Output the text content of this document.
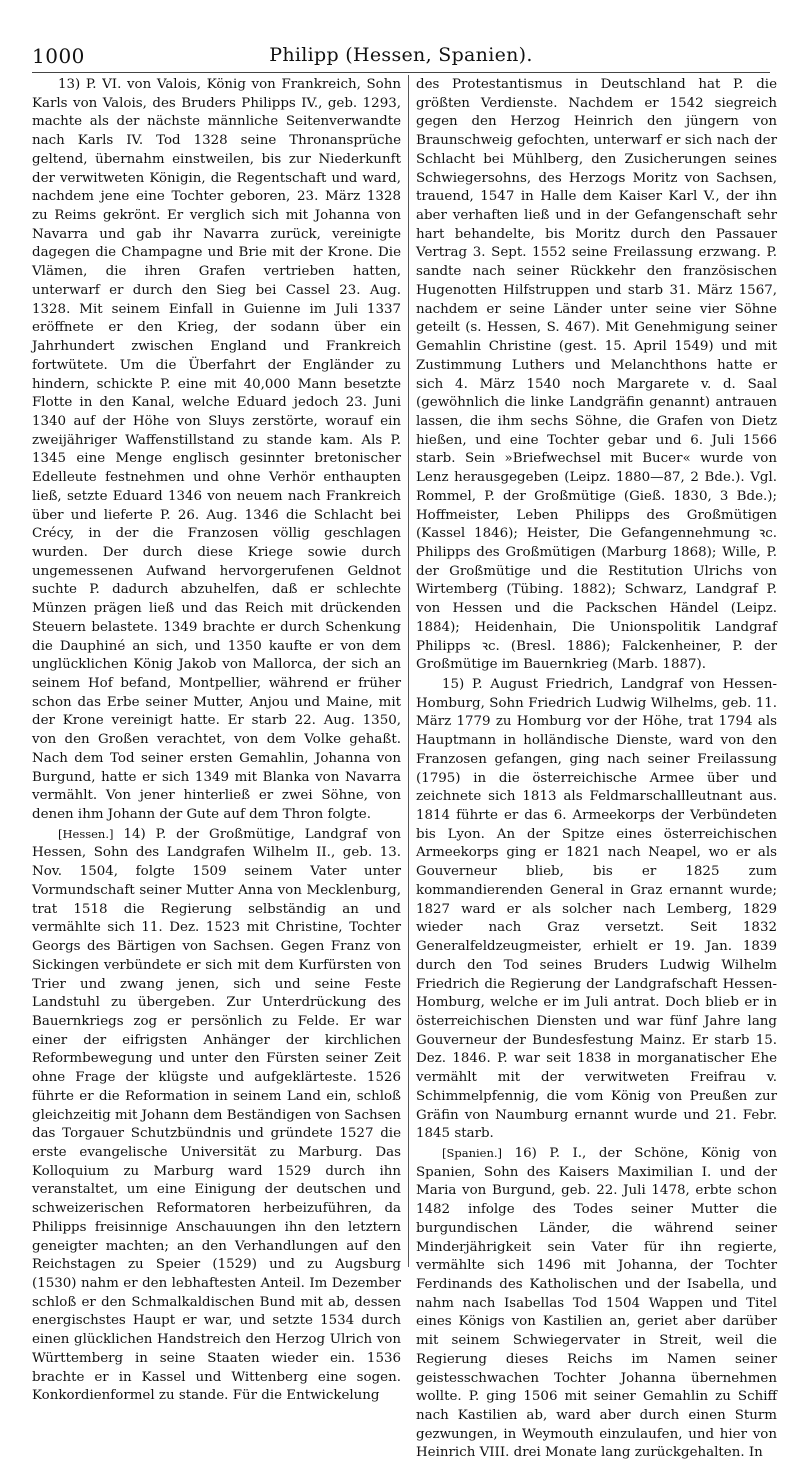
1000	Philipp (Hessen, Spanien).

13) P. VI. von Valois, König von Frankreich, Sohn Karls von Valois, des Bruders Philipps IV., geb. 1293, machte als der nächste männliche Seitenverwandte nach Karls IV. Tod 1328 seine Thronansprüche geltend, übernahm einstweilen, bis zur Niederkunft der verwitweten Königin, die Regentschaft und ward, nachdem jene eine Tochter geboren, 23. März 1328 zu Reims gekrönt. Er verglich sich mit Johanna von Navarra und gab ihr Navarra zurück, vereinigte dagegen die Champagne und Brie mit der Krone. Die Vlämen, die ihren Grafen vertrieben hatten, unterwarf er durch den Sieg bei Cassel 23. Aug. 1328. Mit seinem Einfall in Guienne im Juli 1337 eröffnete er den Krieg, der sodann über ein Jahrhundert zwischen England und Frankreich fortwütete. Um die Überfahrt der Engländer zu hindern, schickte P. eine mit 40,000 Mann besetzte Flotte in den Kanal, welche Eduard jedoch 23. Juni 1340 auf der Höhe von Sluys zerstörte, worauf ein zweijähriger Waffenstillstand zu stande kam. Als P. 1345 eine Menge englisch gesinnter bretonischer Edelleute festnehmen und ohne Verhör enthaupten ließ, setzte Eduard 1346 von neuem nach Frankreich über und lieferte P. 26. Aug. 1346 die Schlacht bei Crécy, in der die Franzosen völlig geschlagen wurden. Der durch diese Kriege sowie durch ungemessenen Aufwand hervorgerufenen Geldnot suchte P. dadurch abzuhelfen, daß er schlechte Münzen prägen ließ und das Reich mit drückenden Steuern belastete. 1349 brachte er durch Schenkung die Dauphiné an sich, und 1350 kaufte er von dem unglücklichen König Jakob von Mallorca, der sich an seinem Hof befand, Montpellier, während er früher schon das Erbe seiner Mutter, Anjou und Maine, mit der Krone vereinigt hatte. Er starb 22. Aug. 1350, von den Großen verachtet, von dem Volke gehaßt. Nach dem Tod seiner ersten Gemahlin, Johanna von Burgund, hatte er sich 1349 mit Blanka von Navarra vermählt. Von jener hinterließ er zwei Söhne, von denen ihm Johann der Gute auf dem Thron folgte.

[Hessen.] 14) P. der Großmütige, Landgraf von Hessen, Sohn des Landgrafen Wilhelm II., geb. 13. Nov. 1504, folgte 1509 seinem Vater unter Vormundschaft seiner Mutter Anna von Mecklenburg, trat 1518 die Regierung selbständig an und vermählte sich 11. Dez. 1523 mit Christine, Tochter Georgs des Bärtigen von Sachsen. Gegen Franz von Sickingen verbündete er sich mit dem Kurfürsten von Trier und zwang jenen, sich und seine Feste Landstuhl zu übergeben. Zur Unterdrückung des Bauernkriegs zog er persönlich zu Felde. Er war einer der eifrigsten Anhänger der kirchlichen Reformbewegung und unter den Fürsten seiner Zeit ohne Frage der klügste und aufgeklärteste. 1526 führte er die Reformation in seinem Land ein, schloß gleichzeitig mit Johann dem Beständigen von Sachsen das Torgauer Schutzbündnis und gründete 1527 die erste evangelische Universität zu Marburg. Das Kolloquium zu Marburg ward 1529 durch ihn veranstaltet, um eine Einigung der deutschen und schweizerischen Reformatoren herbeizuführen, da Philipps freisinnige Anschauungen ihn den letztern geneigter machten; an den Verhandlungen auf den Reichstagen zu Speier (1529) und zu Augsburg (1530) nahm er den lebhaftesten Anteil. Im Dezember schloß er den Schmalkaldischen Bund mit ab, dessen energischstes Haupt er war, und setzte 1534 durch einen glücklichen Handstreich den Herzog Ulrich von Württemberg in seine Staaten wieder ein. 1536 brachte er in Kassel und Wittenberg eine sogen. Konkordienformel zu stande. Für die Entwickelung

des Protestantismus in Deutschland hat P. die größten Verdienste. Nachdem er 1542 siegreich gegen den Herzog Heinrich den jüngern von Braunschweig gefochten, unterwarf er sich nach der Schlacht bei Mühlberg, den Zusicherungen seines Schwiegersohns, des Herzogs Moritz von Sachsen, trauend, 1547 in Halle dem Kaiser Karl V., der ihn aber verhaften ließ und in der Gefangenschaft sehr hart behandelte, bis Moritz durch den Passauer Vertrag 3. Sept. 1552 seine Freilassung erzwang. P. sandte nach seiner Rückkehr den französischen Hugenotten Hilfstruppen und starb 31. März 1567, nachdem er seine Länder unter seine vier Söhne geteilt (s. Hessen, S. 467). Mit Genehmigung seiner Gemahlin Christine (gest. 15. April 1549) und mit Zustimmung Luthers und Melanchthons hatte er sich 4. März 1540 noch Margarete v. d. Saal (gewöhnlich die linke Landgräfin genannt) antrauen lassen, die ihm sechs Söhne, die Grafen von Dietz hießen, und eine Tochter gebar und 6. Juli 1566 starb. Sein »Briefwechsel mit Bucer« wurde von Lenz herausgegeben (Leipz. 1880—87, 2 Bde.). Vgl. Rommel, P. der Großmütige (Gieß. 1830, 3 Bde.); Hoffmeister, Leben Philipps des Großmütigen (Kassel 1846); Heister, Die Gefangennehmung ꝛc. Philipps des Großmütigen (Marburg 1868); Wille, P. der Großmütige und die Restitution Ulrichs von Wirtemberg (Tübing. 1882); Schwarz, Landgraf P. von Hessen und die Packschen Händel (Leipz. 1884); Heidenhain, Die Unionspolitik Landgraf Philipps ꝛc. (Bresl. 1886); Falckenheiner, P. der Großmütige im Bauernkrieg (Marb. 1887).

15) P. August Friedrich, Landgraf von Hessen-Homburg, Sohn Friedrich Ludwig Wilhelms, geb. 11. März 1779 zu Homburg vor der Höhe, trat 1794 als Hauptmann in holländische Dienste, ward von den Franzosen gefangen, ging nach seiner Freilassung (1795) in die österreichische Armee über und zeichnete sich 1813 als Feldmarschallleutnant aus. 1814 führte er das 6. Armeekorps der Verbündeten bis Lyon. An der Spitze eines österreichischen Armeekorps ging er 1821 nach Neapel, wo er als Gouverneur blieb, bis er 1825 zum kommandierenden General in Graz ernannt wurde; 1827 ward er als solcher nach Lemberg, 1829 wieder nach Graz versetzt. Seit 1832 Generalfeldzeugmeister, erhielt er 19. Jan. 1839 durch den Tod seines Bruders Ludwig Wilhelm Friedrich die Regierung der Landgrafschaft Hessen-Homburg, welche er im Juli antrat. Doch blieb er in österreichischen Diensten und war fünf Jahre lang Gouverneur der Bundesfestung Mainz. Er starb 15. Dez. 1846. P. war seit 1838 in morganatischer Ehe vermählt mit der verwitweten Freifrau v. Schimmelpfennig, die vom König von Preußen zur Gräfin von Naumburg ernannt wurde und 21. Febr. 1845 starb.

[Spanien.] 16) P. I., der Schöne, König von Spanien, Sohn des Kaisers Maximilian I. und der Maria von Burgund, geb. 22. Juli 1478, erbte schon 1482 infolge des Todes seiner Mutter die burgundischen Länder, die während seiner Minderjährigkeit sein Vater für ihn regierte, vermählte sich 1496 mit Johanna, der Tochter Ferdinands des Katholischen und der Isabella, und nahm nach Isabellas Tod 1504 Wappen und Titel eines Königs von Kastilien an, geriet aber darüber mit seinem Schwiegervater in Streit, weil die Regierung dieses Reichs im Namen seiner geistesschwachen Tochter Johanna übernehmen wollte. P. ging 1506 mit seiner Gemahlin zu Schiff nach Kastilien ab, ward aber durch einen Sturm gezwungen, in Weymouth einzulaufen, und hier von Heinrich VIII. drei Monate lang zurückgehalten. In
